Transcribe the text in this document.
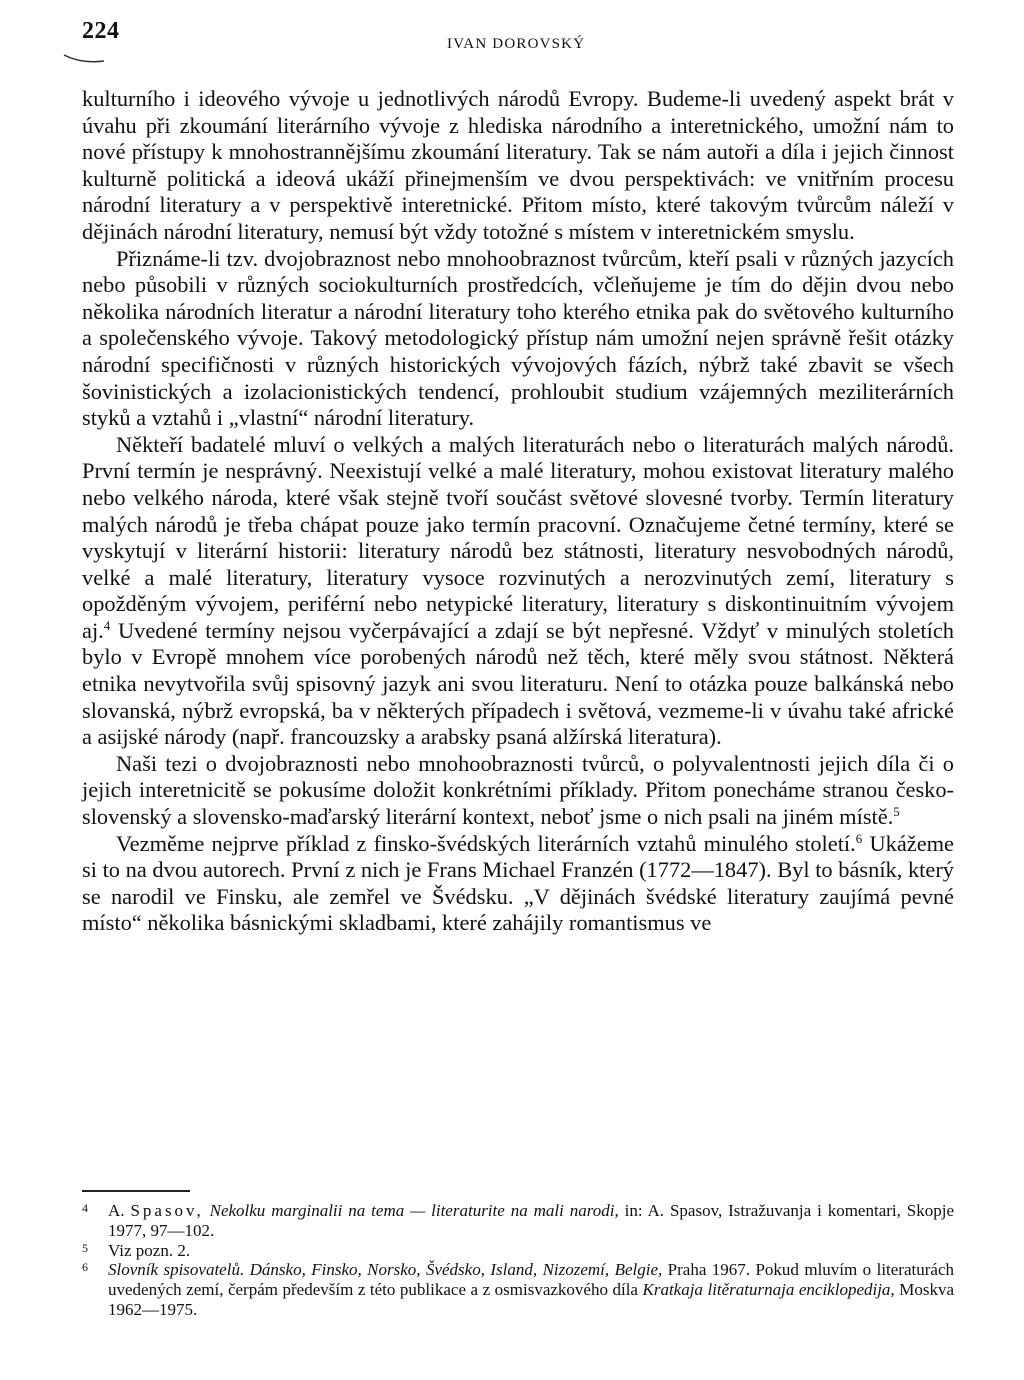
224	IVAN DOROVSKÝ

kulturního i ideového vývoje u jednotlivých národů Evropy. Budeme-li uvedený aspekt brát v úvahu při zkoumání literárního vývoje z hlediska národního a interetnického, umožní nám to nové přístupy k mnohostrannějšímu zkoumání literatury. Tak se nám autoři a díla i jejich činnost kulturně politická a ideová ukáží přinejmenším ve dvou perspektivách: ve vnitřním procesu národní literatury a v perspektivě interetnické. Přitom místo, které takovým tvůrcům náleží v dějinách národní literatury, nemusí být vždy totožné s místem v interetnickém smyslu.

Přiznáme-li tzv. dvojobraznost nebo mnohoobraznost tvůrcům, kteří psali v různých jazycích nebo působili v různých sociokulturních prostředcích, včleňujeme je tím do dějin dvou nebo několika národních literatur a národní literatury toho kterého etnika pak do světového kulturního a společenského vývoje. Takový metodologický přístup nám umožní nejen správně řešit otázky národní specifičnosti v různých historických vývojových fázích, nýbrž také zbavit se všech šovinistických a izolacionistických tendencí, prohloubit studium vzájemných meziliterárních styků a vztahů i „vlastní“ národní literatury.

Někteří badatelé mluví o velkých a malých literaturách nebo o literaturách malých národů. První termín je nesprávný. Neexistují velké a malé literatury, mohou existovat literatury malého nebo velkého národa, které však stejně tvoří součást světové slovesné tvorby. Termín literatury malých národů je třeba chápat pouze jako termín pracovní. Označujeme četné termíny, které se vyskytují v literární historii: literatury národů bez státnosti, literatury nesvobodných národů, velké a malé literatury, literatury vysoce rozvinutých a nerozvinutých zemí, literatury s opožděným vývojem, periférní nebo netypické literatury, literatury s diskontinuitním vývojem aj.$^4$ Uvedené termíny nejsou vyčerpávající a zdají se být nepřesné. Vždyť v minulých stoletích bylo v Evropě mnohem více porobených národů než těch, které měly svou státnost. Některá etnika nevytvořila svůj spisovný jazyk ani svou literaturu. Není to otázka pouze balkánská nebo slovanská, nýbrž evropská, ba v některých případech i světová, vezmeme-li v úvahu také africké a asijské národy (např. francouzsky a arabsky psaná alžírská literatura).

Naši tezi o dvojobraznosti nebo mnohoobraznosti tvůrců, o polyvalentnosti jejich díla či o jejich interetnicitě se pokusíme doložit konkrétními příklady. Přitom ponecháme stranou česko-slovenský a slovensko-maďarský literární kontext, neboť jsme o nich psali na jiném místě.$^5$

Vezměme nejprve příklad z finsko-švédských literárních vztahů minulého století.$^6$ Ukážeme si to na dvou autorech. První z nich je Frans Michael Franzén (1772—1847). Byl to básník, který se narodil ve Finsku, ale zemřel ve Švédsku. „V dějinách švédské literatury zaujímá pevné místo“ několika básnickými skladbami, které zahájily romantismus ve

4 A. Spasov, Nekolku marginalii na tema — literaturite na mali narodi, in: A. Spasov, Istražuvanja i komentari, Skopje 1977, 97—102.
5 Viz pozn. 2.
6 Slovník spisovatelů. Dánsko, Finsko, Norsko, Švédsko, Island, Nizozemí, Belgie, Praha 1967. Pokud mluvím o literaturách uvedených zemí, čerpám především z této publikace a z osmisvazkového díla Kratkaja litěraturnaja enciklopedija, Moskva 1962—1975.
